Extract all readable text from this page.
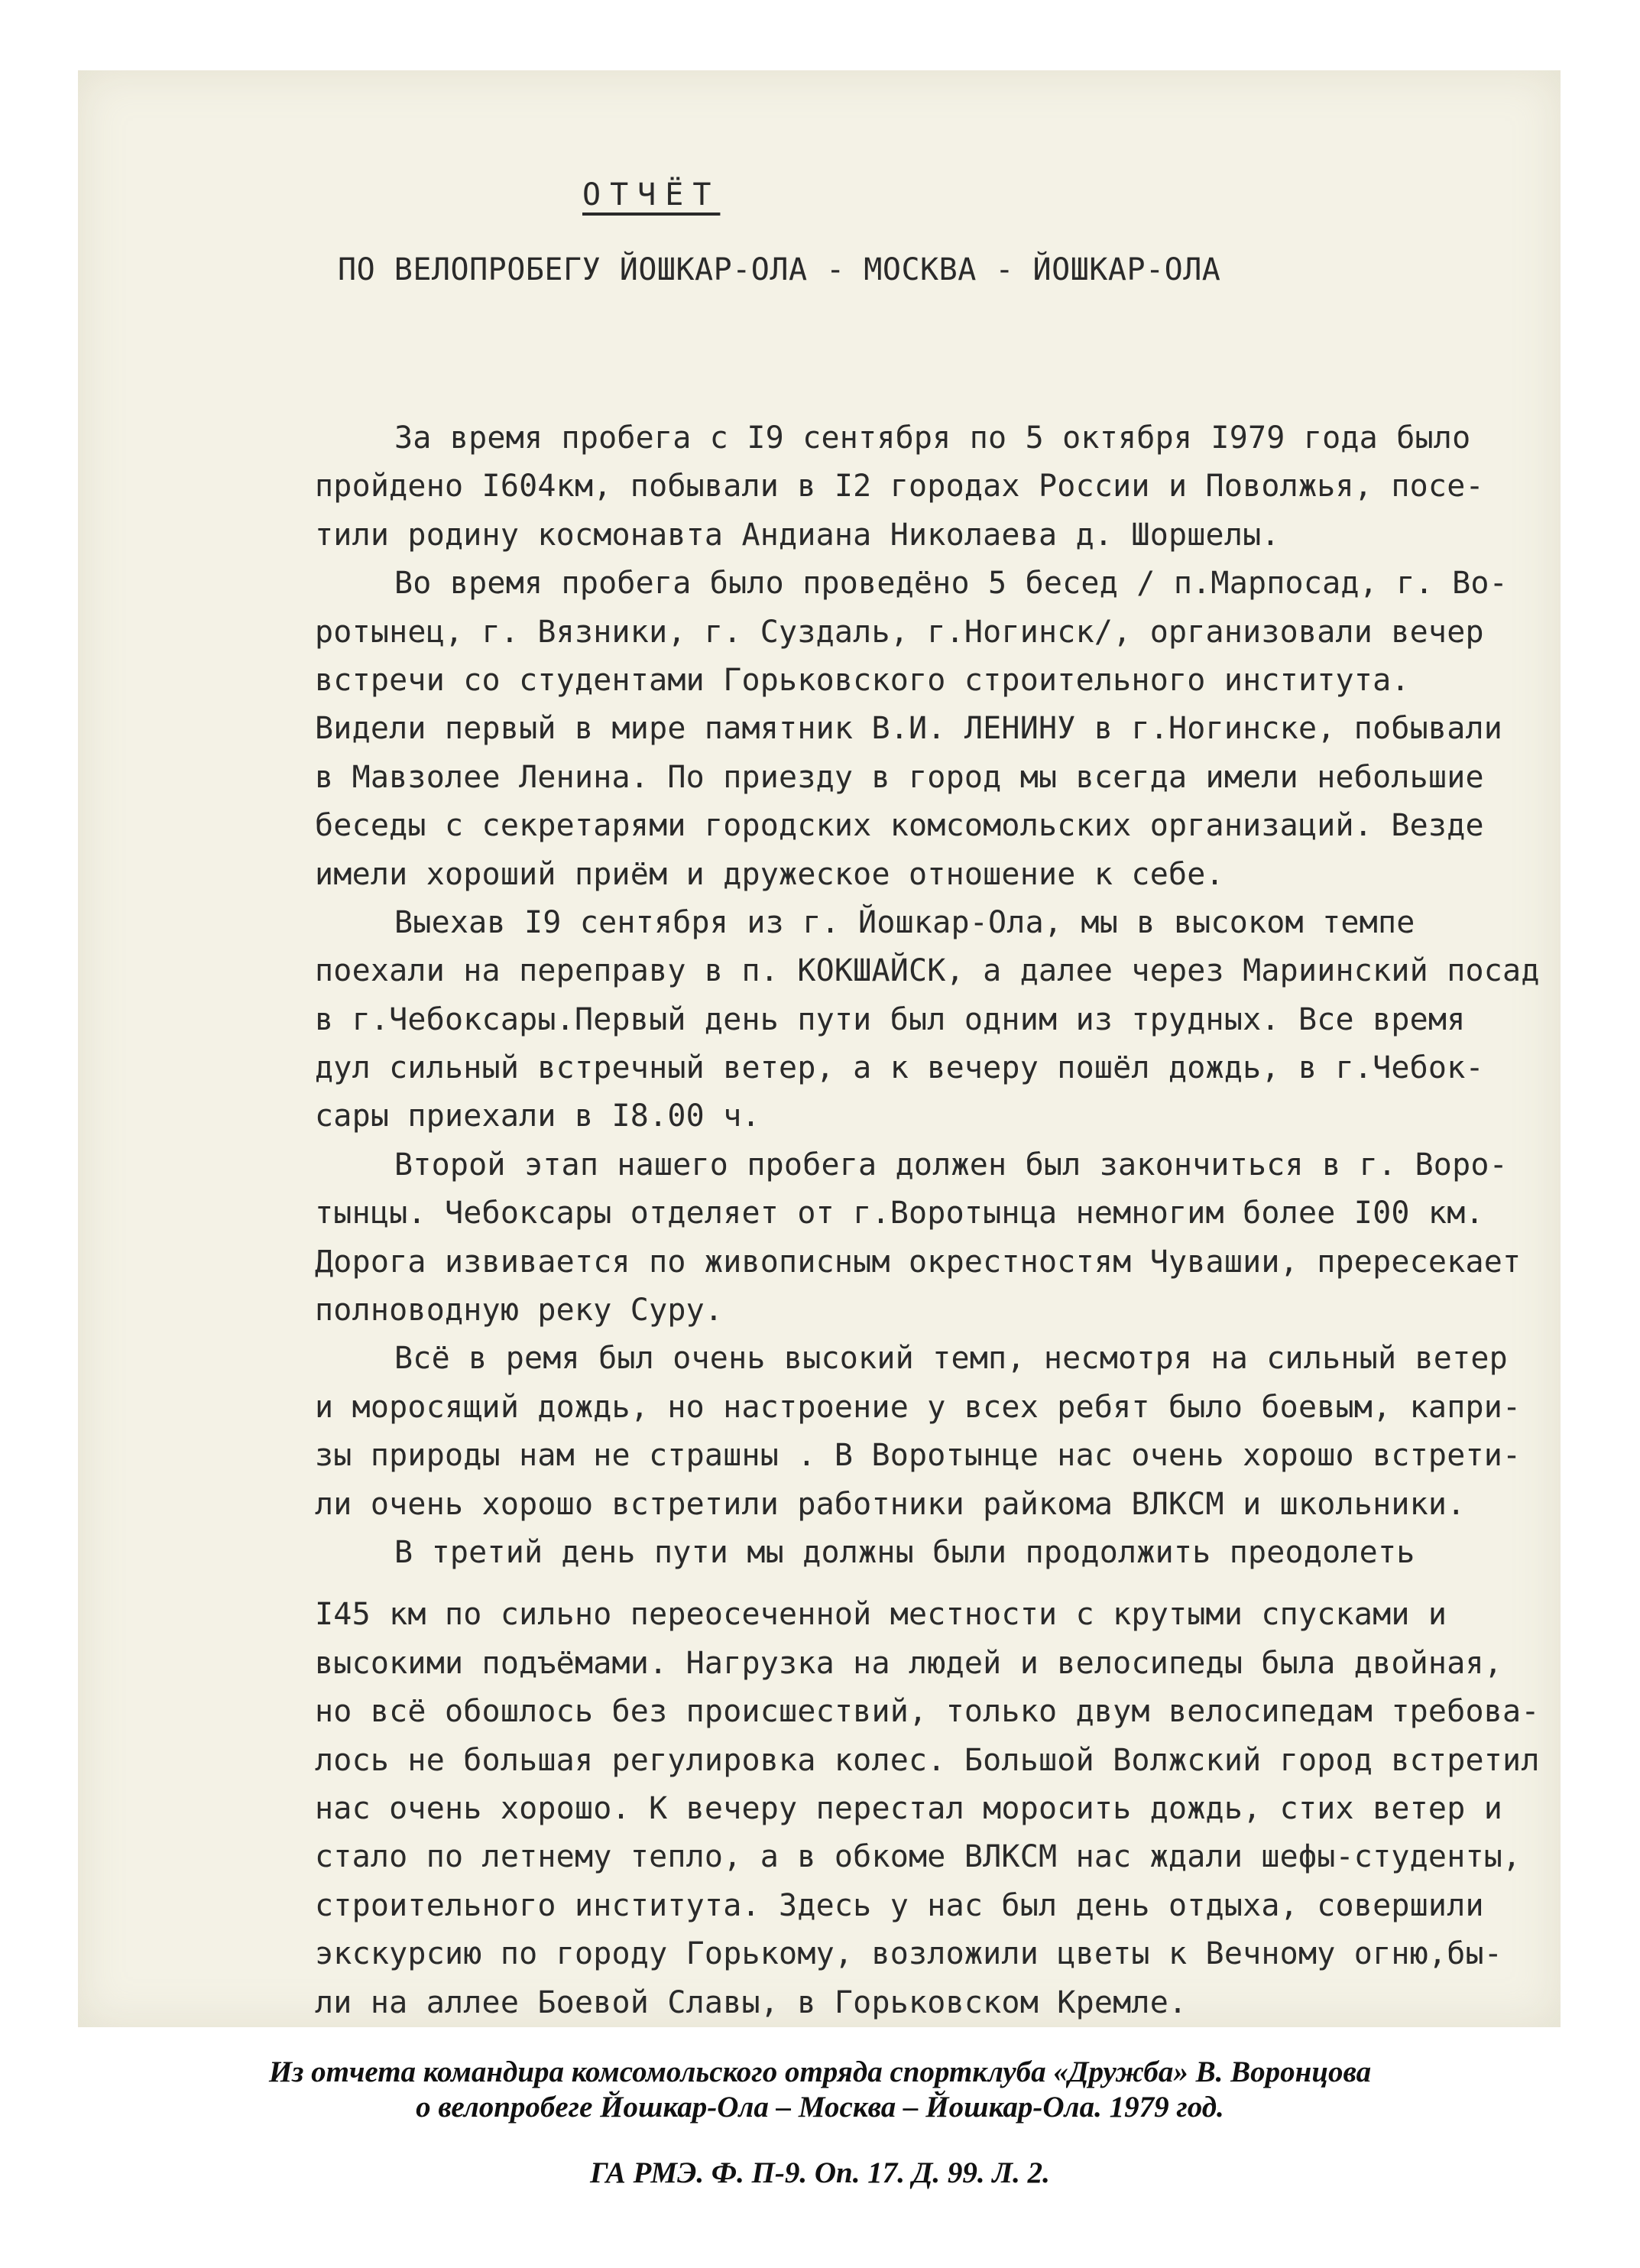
ОТЧЁТ
ПО ВЕЛОПРОБЕГУ ЙОШКАР-ОЛА - МОСКВА - ЙОШКАР-ОЛА
За время пробега с I9 сентября по 5 октября I979 года было
пройдено I604км, побывали в I2 городах России и Поволжья, посе-
тили родину космонавта Андиана Николаева д. Шоршелы.
Во время пробега было проведёно 5 бесед / п.Марпосад, г. Во-
ротынец, г. Вязники, г. Суздаль, г.Ногинск/, организовали вечер
встречи со студентами Горьковского строительного института.
Видели первый в мире памятник В.И. ЛЕНИНУ в г.Ногинске, побывали
в Мавзолее Ленина. По приезду в город мы всегда имели небольшие
беседы с секретарями городских комсомольских организаций. Везде
имели хороший приём и дружеское отношение к себе.
Выехав I9 сентября из г. Йошкар-Ола, мы в высоком темпе
поехали на переправу в п. КОКШАЙСК, а далее через Мариинский посад
в г.Чебоксары.Пeрвый день пути был одним из трудных. Все время
дул сильный встречный ветер, а к вечеру пошёл дождь, в г.Чебок-
сары приехали в I8.00 ч.
Второй этап нашего пробега должен был закончиться в г. Воро-
тынцы. Чебоксары отделяет от г.Воротынца немногим более I00 км.
Дорога извивается по живописным окрестностям Чувашии, прересекает
полноводную реку Суру.
Всё в ремя был очень высокий темп, несмотря на сильный ветер
и моросящий дождь, но настроение у всех ребят было боевым, капри-
зы природы нам не страшны . В Воротынце нас очень хорошо встрети-
ли очень хорошо встретили работники райкома ВЛКСМ и школьники.
В третий день пути мы должны были продолжить преодолеть
I45 км по сильно переосеченной местности с крутыми спусками и
высокими подъёмами. Нагрузка на людей и велосипеды была двойная,
но всё обошлось без происшествий, только двум велосипедам требова-
лось не большая регулировка колес. Большой Волжский город встретил
нас очень хорошо. К вечеру перестал моросить дождь, стих ветер и
стало по летнему тепло, а в обкоме ВЛКСМ нас ждали шефы-студенты,
строительного института. Здесь у нас был день отдыха, совершили
экскурсию по городу Горькому, возложили цветы к Вечному огню,бы-
ли на аллее Боевой Славы, в Горьковском Кремле.

Из отчета командира комсомольского отряда спортклуба «Дружба» В. Воронцова

о велопробеге Йошкар-Ола – Москва – Йошкар-Ола. 1979 год.

ГА РМЭ. Ф. П-9. Оп. 17. Д. 99. Л. 2.
